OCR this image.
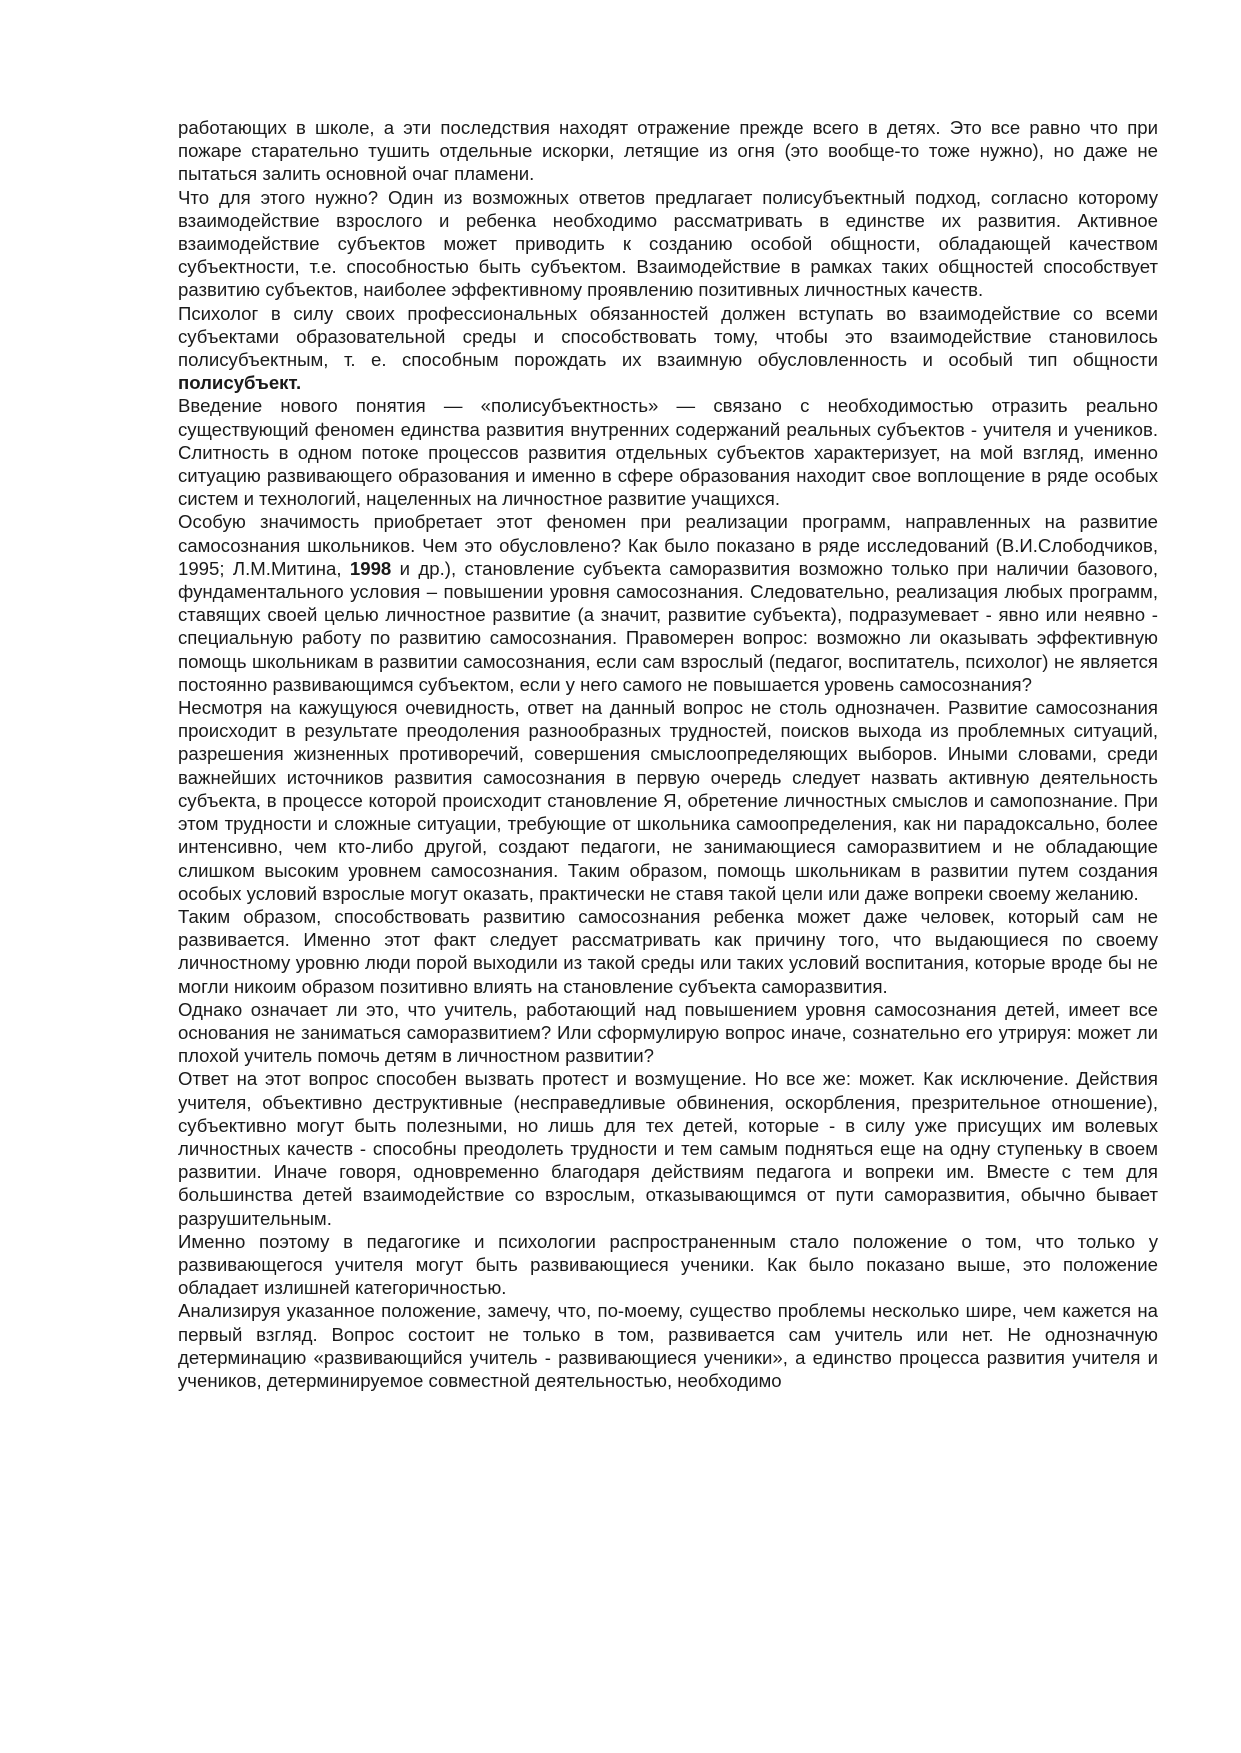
работающих в школе, а эти последствия находят отражение прежде всего в детях. Это все равно что при пожаре старательно тушить отдельные искорки, летящие из огня (это вообще-то тоже нужно), но даже не пытаться залить основной очаг пламени.

Что для этого нужно? Один из возможных ответов предлагает полисубъектный подход, согласно которому взаимодействие взрослого и ребенка необходимо рассматривать в единстве их развития. Активное взаимодействие субъектов может приводить к созданию особой общности, обладающей качеством субъектности, т.е. способностью быть субъектом. Взаимодействие в рамках таких общностей способствует развитию субъектов, наиболее эффективному проявлению позитивных личностных качеств.

Психолог в силу своих профессиональных обязанностей должен вступать во взаимодействие со всеми субъектами образовательной среды и способствовать тому, чтобы это взаимодействие становилось полисубъектным, т. е. способным порождать их взаимную обусловленность и особый тип общности полисубъект.

Введение нового понятия — «полисубъектность» — связано с необходимостью отразить реально существующий феномен единства развития внутренних содержаний реальных субъектов - учителя и учеников. Слитность в одном потоке процессов развития отдельных субъектов характеризует, на мой взгляд, именно ситуацию развивающего образования и именно в сфере образования находит свое воплощение в ряде особых систем и технологий, нацеленных на личностное развитие учащихся.

Особую значимость приобретает этот феномен при реализации программ, направленных на развитие самосознания школьников. Чем это обусловлено? Как было показано в ряде исследований (В.И.Слободчиков, 1995; Л.М.Митина, 1998 и др.), становление субъекта саморазвития возможно только при наличии базового, фундаментального условия – повышении уровня самосознания. Следовательно, реализация любых программ, ставящих своей целью личностное развитие (а значит, развитие субъекта), подразумевает - явно или неявно - специальную работу по развитию самосознания. Правомерен вопрос: возможно ли оказывать эффективную помощь школьникам в развитии самосознания, если сам взрослый (педагог, воспитатель, психолог) не является постоянно развивающимся субъектом, если у него самого не повышается уровень самосознания?

Несмотря на кажущуюся очевидность, ответ на данный вопрос не столь однозначен. Развитие самосознания происходит в результате преодоления разнообразных трудностей, поисков выхода из проблемных ситуаций, разрешения жизненных противоречий, совершения смыслоопределяющих выборов. Иными словами, среди важнейших источников развития самосознания в первую очередь следует назвать активную деятельность субъекта, в процессе которой происходит становление Я, обретение личностных смыслов и самопознание. При этом трудности и сложные ситуации, требующие от школьника самоопределения, как ни парадоксально, более интенсивно, чем кто-либо другой, создают педагоги, не занимающиеся саморазвитием и не обладающие слишком высоким уровнем самосознания. Таким образом, помощь школьникам в развитии путем создания особых условий взрослые могут оказать, практически не ставя такой цели или даже вопреки своему желанию.

Таким образом, способствовать развитию самосознания ребенка может даже человек, который сам не развивается. Именно этот факт следует рассматривать как причину того, что выдающиеся по своему личностному уровню люди порой выходили из такой среды или таких условий воспитания, которые вроде бы не могли никоим образом позитивно влиять на становление субъекта саморазвития.

Однако означает ли это, что учитель, работающий над повышением уровня самосознания детей, имеет все основания не заниматься саморазвитием? Или сформулирую вопрос иначе, сознательно его утрируя: может ли плохой учитель помочь детям в личностном развитии?

Ответ на этот вопрос способен вызвать протест и возмущение. Но все же: может. Как исключение. Действия учителя, объективно деструктивные (несправедливые обвинения, оскорбления, презрительное отношение), субъективно могут быть полезными, но лишь для тех детей, которые - в силу уже присущих им волевых личностных качеств - способны преодолеть трудности и тем самым подняться еще на одну ступеньку в своем развитии. Иначе говоря, одновременно благодаря действиям педагога и вопреки им. Вместе с тем для большинства детей взаимодействие со взрослым, отказывающимся от пути саморазвития, обычно бывает разрушительным.

Именно поэтому в педагогике и психологии распространенным стало положение о том, что только у развивающегося учителя могут быть развивающиеся ученики. Как было показано выше, это положение обладает излишней категоричностью.

Анализируя указанное положение, замечу, что, по-моему, существо проблемы несколько шире, чем кажется на первый взгляд. Вопрос состоит не только в том, развивается сам учитель или нет. Не однозначную детерминацию «развивающийся учитель - развивающиеся ученики», а единство процесса развития учителя и учеников, детерминируемое совместной деятельностью, необходимо
